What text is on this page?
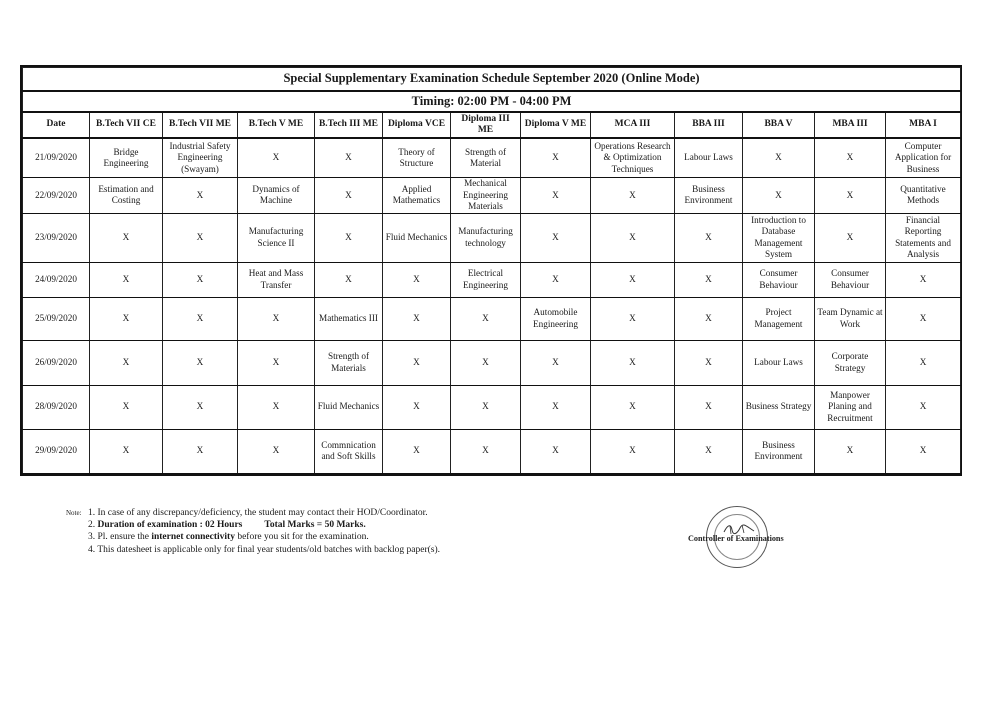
Special Supplementary Examination Schedule September 2020 (Online Mode)												
Timing: 02:00 PM - 04:00 PM												
Date	B.Tech VII CE	B.Tech VII ME	B.Tech V ME	B.Tech III ME	Diploma VCE	Diploma III ME	Diploma V ME	MCA III	BBA III	BBA V	MBA III	MBA I
21/09/2020	Bridge Engineering	Industrial Safety Engineering (Swayam)	X	X	Theory of Structure	Strength of Material	X	Operations Research & Optimization Techniques	Labour Laws	X	X	Computer Application for Business
22/09/2020	Estimation and Costing	X	Dynamics of Machine	X	Applied Mathematics	Mechanical Engineering Materials	X	X	Business Environment	X	X	Quantitative Methods
23/09/2020	X	X	Manufacturing Science II	X	Fluid Mechanics	Manufacturing technology	X	X	X	Introduction to Database Management System	X	Financial Reporting Statements and Analysis
24/09/2020	X	X	Heat and Mass Transfer	X	X	Electrical Engineering	X	X	X	Consumer Behaviour	Consumer Behaviour	X
25/09/2020	X	X	X	Mathematics III	X	X	Automobile Engineering	X	X	Project Management	Team Dynamic at Work	X
26/09/2020	X	X	X	Strength of Materials	X	X	X	X	X	Labour Laws	Corporate Strategy	X
28/09/2020	X	X	X	Fluid Mechanics	X	X	X	X	X	Business Strategy	Manpower Planing and Recruitment	X
29/09/2020	X	X	X	Commnication and Soft Skills	X	X	X	X	X	Business Environment	X	X
Note: 1. In case of any discrepancy/deficiency, the student may contact their HOD/Coordinator.
2. Duration of examination : 02 Hours Total Marks = 50 Marks.
3. Pl. ensure the internet connectivity before you sit for the examination.
4. This datesheet is applicable only for final year students/old batches with backlog paper(s).
Controller of Examinations
